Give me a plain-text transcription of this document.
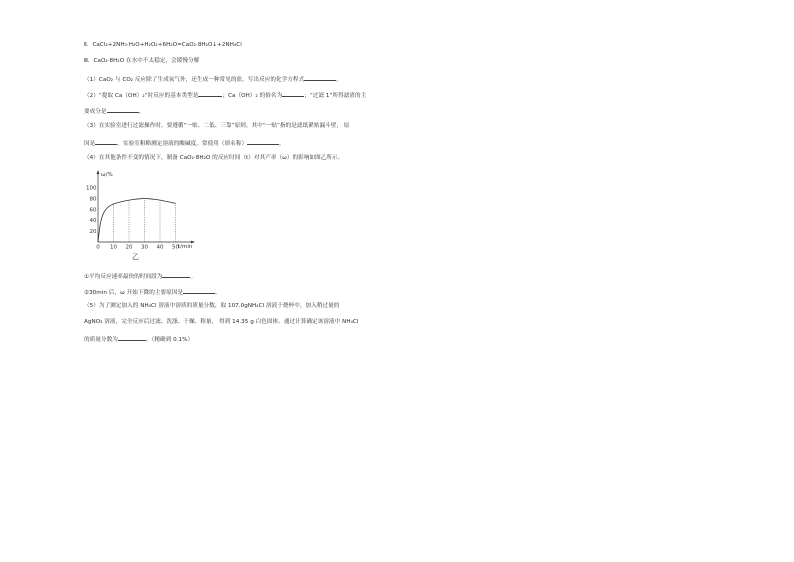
Ⅱ．CaCl₂+2NH₃·H₂O+H₂O₂+6H₂O=CaO₂·8H₂O↓+2NH₄Cl
Ⅲ．CaO₂·8H₂O 在水中不太稳定，会缓慢分解
（1）CaO₂ 与 CO₂ 反应除了生成氧气外，还生成一种常见的盐，写出反应的化学方程式	。
（2）“提取 Ca（OH）₂”时反应的基本类型是	；Ca（OH）₂ 的俗名为	；“过滤 1”所得滤渣的主
要成分是	。
（3）在实验室进行过滤操作时，要遵循“一贴、二低、三靠”原则。其中“一贴”指的是滤纸紧贴漏斗壁， 原
因是	。实验室粗略测定溶液的酸碱度，常使用（填名称）	。
（4）在其他条件不变的情况下，制备 CaO₂·8H₂O 的反应时间（t）对其产率（ω）的影响如图乙所示。
ω/%
t/min
乙
100
80
60
40
20
0 10 20 30 40 50
①平均反应速率最快的时间段为	。
②30min 后，ω 开始下降的主要原因是	。
（5）为了测定加入的 NH₄Cl 溶液中溶质的质量分数，取 107.0gNH₄Cl 溶液于烧杯中，加入稍过量的
AgNO₃ 溶液，完全反应后过滤、洗涤、干燥、称量， 得到 14.35 g 白色固体。通过计算确定该溶液中 NH₄Cl
的质量分数为	。（精确到 0.1%）
